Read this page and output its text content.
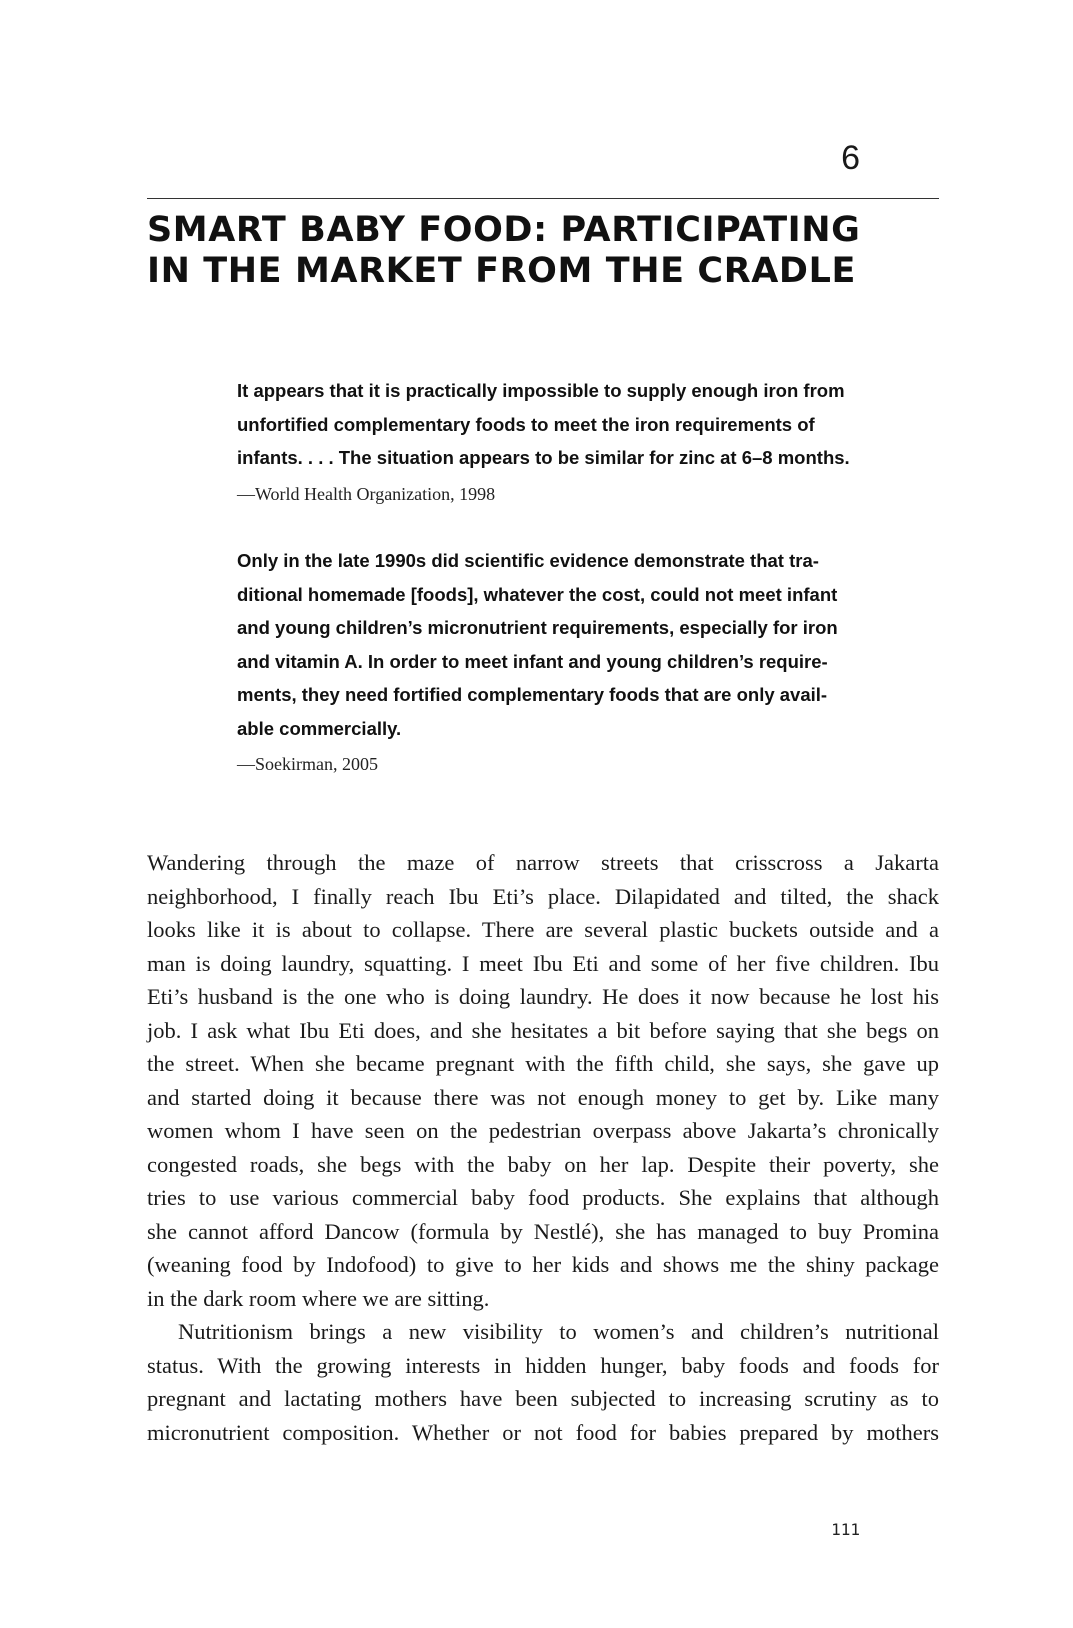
6
SMART BABY FOOD: PARTICIPATING
IN THE MARKET FROM THE CRADLE

It appears that it is practically impossible to supply enough iron from
unfortified complementary foods to meet the iron requirements of
infants. . . . The situation appears to be similar for zinc at 6–8 months.

—World Health Organization, 1998

Only in the late 1990s did scientific evidence demonstrate that tra-
ditional homemade [foods], whatever the cost, could not meet infant
and young children’s micronutrient requirements, especially for iron
and vitamin A. In order to meet infant and young children’s require-
ments, they need fortified complementary foods that are only avail-
able commercially.

—Soekirman, 2005

Wandering through the maze of narrow streets that crisscross a Jakarta
neighborhood, I finally reach Ibu Eti’s place. Dilapidated and tilted, the shack
looks like it is about to collapse. There are several plastic buckets outside and a
man is doing laundry, squatting. I meet Ibu Eti and some of her five children. Ibu
Eti’s husband is the one who is doing laundry. He does it now because he lost his
job. I ask what Ibu Eti does, and she hesitates a bit before saying that she begs on
the street. When she became pregnant with the fifth child, she says, she gave up
and started doing it because there was not enough money to get by. Like many
women whom I have seen on the pedestrian overpass above Jakarta’s chronically
congested roads, she begs with the baby on her lap. Despite their poverty, she
tries to use various commercial baby food products. She explains that although
she cannot afford Dancow (formula by Nestlé), she has managed to buy Promina
(weaning food by Indofood) to give to her kids and shows me the shiny package
in the dark room where we are sitting.

Nutritionism brings a new visibility to women’s and children’s nutritional
status. With the growing interests in hidden hunger, baby foods and foods for
pregnant and lactating mothers have been subjected to increasing scrutiny as to
micronutrient composition. Whether or not food for babies prepared by mothers

111
